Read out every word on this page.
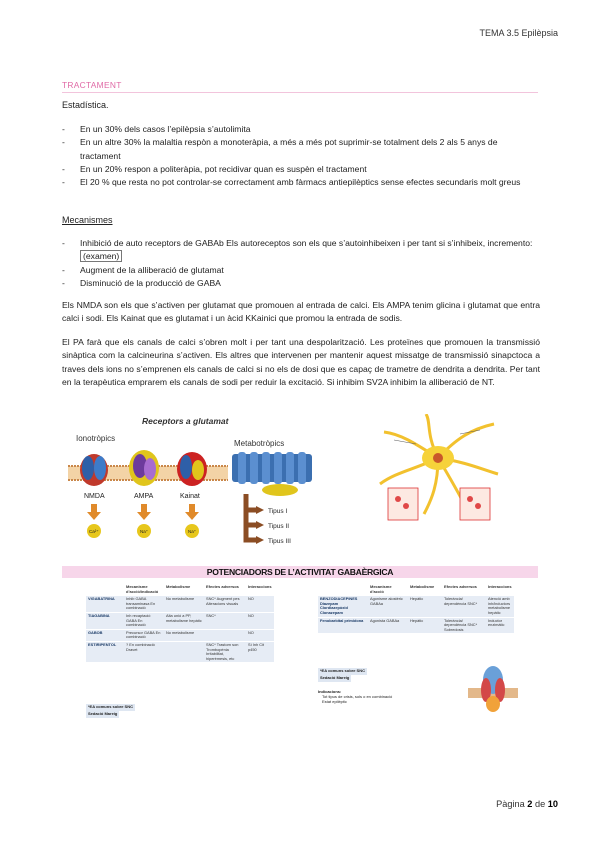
TEMA 3.5 Epilèpsia
TRACTAMENT
Estadística.
- En un 30% dels casos l’epilèpsia s’autolimita
- En un altre 30% la malaltia respòn a monoteràpia, a més a més pot suprimir-se totalment dels 2 als 5 anys de tractament
- En un 20% respon a politeràpia, pot recidivar quan es suspèn el tractament
- El 20 % que resta no pot controlar-se correctament amb fàrmacs antiepilèptics sense efectes secundaris molt greus
Mecanismes
- Inhibició de auto receptors de GABAb Els autoreceptos son els que s’autoinhibeixen i per tant si s’inhibeix, incremento: (examen)
- Augment de la alliberació de glutamat
- Disminució de la producció de GABA
Els NMDA son els que s’activen per glutamat que promouen al entrada de calci. Els AMPA tenim glicina i glutamat que entra calci i sodi. Els Kainat que es glutamat i un àcid KKainici que promou la entrada de sodis.
El PA farà que els canals de calci s’obren molt i per tant una despolarització. Les proteïnes que promouen la transmissió sinàptica com la calcineurina s’activen. Els altres que intervenen per mantenir aquest missatge de transmissió sinapctoca a traves dels ions no s’emprenen els canals de calci si no els de dosi que es capaç de trametre de dendrita a dendrita. Per tant en la terapèutica emprarem els canals de sodi per reduir la excitació. Si inhibim SV2A inhibim la alliberació de NT.
Receptors a glutamat
Ionotròpics
Metabotròpics
NMDA	AMPA	Kainat
Ca²⁺	Na⁺	Na⁺
Tipus I
Tipus II
Tipus III
POTENCIADORS DE L’ACTIVITAT GABAÈRGICA
	Mecanisme d’acció/indicació	Metabolisme	Efectes adversos	Interaccions
VIGABATRINA	Inhib GABA transaminasa En combinació	No metabolisme	SNC* Augment pes Alteracions visuals	NO
TIAGABINA	Inh recaptació GABA En combinació	Alta unió a PP, metabolisme hepàtic	SNC*	NO
GABOB	Precursor GABA En combinació	No metabolisme		NO
ESTIRIPENTOL	? En combinació Dravet		SNC* Trastorn son Trombopènia Irritabilitat, hiperèmesis, etc	Sí Inh Cit p450
*EA comuns sobre SNC Sedació Mareig
	Mecanisme d’acció	Metabolisme	Efectes adversos	Interaccions
BENZODIACEPINES Diazepam Clordiazepòxid Clonazepam	Agonisme alostèric GABAa	Hepàtic	Tolerància/ dependència SNC*	Atenció amb inh/inductors metabolisme hepàtic
Fenobarbital primidona	Agonista GABAa	Hepàtic	Tolerància/ dependència SNC* Sobredosis	Inductor enzimàtic
*EA comuns sobre SNC Sedació Mareig
Indicacions:
Tot tipus de crisis, sols o en combinació
Estat epilèptic
Pàgina 2 de 10
